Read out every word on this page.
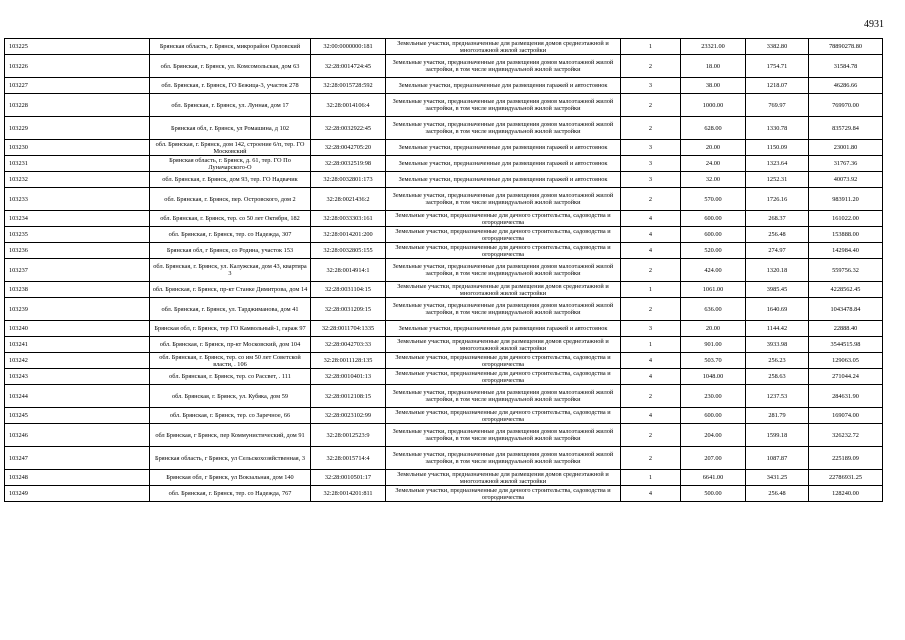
4931
103225	Брянская область, г. Брянск, микрорайон Орловский	32:00:0000000:181	Земельные участки, предназначенные для размещения домов среднеэтажной и многоэтажной жилой застройки	1	23321.00	3382.80	78890278.80
103226	обл. Брянская, г. Брянск, ул. Комсомольская, дом 63	32:28:0014724:45	Земельные участки, предназначенные для размещения домов малоэтажной жилой застройки, в том числе индивидуальной жилой застройки	2	18.00	1754.71	31584.78
103227	обл. Брянская, г. Брянск, ГО Бежица-3, участок 278	32:28:0015728:592	Земельные участки, предназначенные для размещения гаражей и автостоянок	3	38.00	1218.07	46286.66
103228	обл. Брянская, г. Брянск, ул. Лунная, дом 17	32:28:0014106:4	Земельные участки, предназначенные для размещения домов малоэтажной жилой застройки, в том числе индивидуальной жилой застройки	2	1000.00	769.97	769970.00
103229	Брянская обл, г. Брянск, ул Ромашина, д 102	32:28:0032922:45	Земельные участки, предназначенные для размещения домов малоэтажной жилой застройки, в том числе индивидуальной жилой застройки	2	628.00	1330.78	835729.84
103230	обл. Брянская, г. Брянск, дом 142, строение 6/п, тер. ГО Московский	32:28:0042705:20	Земельные участки, предназначенные для размещения гаражей и автостоянок	3	20.00	1150.09	23001.80
103231	Брянская область, г. Брянск, д. 61, тер. ГО По Луначарского-О	32:28:0032519:98	Земельные участки, предназначенные для размещения гаражей и автостоянок	3	24.00	1323.64	31767.36
103232	обл. Брянская, г. Брянск, дом 93, тер. ГО Надвачик	32:28:0032801:173	Земельные участки, предназначенные для размещения гаражей и автостоянок	3	32.00	1252.31	40073.92
103233	обл. Брянская, г. Брянск, пер. Островского, дом 2	32:28:0021436:2	Земельные участки, предназначенные для размещения домов малоэтажной жилой застройки, в том числе индивидуальной жилой застройки	2	570.00	1726.16	983911.20
103234	обл. Брянская, г. Брянск, тер. со 50 лет Октября, 182	32:28:0033303:161	Земельные участки, предназначенные для дачного строительства, садоводства и огородничества	4	600.00	268.37	161022.00
103235	обл. Брянская, г. Брянск, тер. со Надежда, 307	32:28:0014201:200	Земельные участки, предназначенные для дачного строительства, садоводства и огородничества	4	600.00	256.48	153888.00
103236	Брянская обл, г Брянск, со Родина, участок 153	32:28:0032805:155	Земельные участки, предназначенные для дачного строительства, садоводства и огородничества	4	520.00	274.97	142984.40
103237	обл. Брянская, г. Брянск, ул. Калужская, дом 43, квартира 3	32:28:0014914:1	Земельные участки, предназначенные для размещения домов малоэтажной жилой застройки, в том числе индивидуальной жилой застройки	2	424.00	1320.18	559756.32
103238	обл. Брянская, г. Брянск, пр-кт Станке Димитрова, дом 14	32:28:0031104:15	Земельные участки, предназначенные для размещения домов среднеэтажной и многоэтажной жилой застройки	1	1061.00	3985.45	4228562.45
103239	обл. Брянская, г. Брянск, ул. Тарджимановa, дом 41	32:28:0031209:15	Земельные участки, предназначенные для размещения домов малоэтажной жилой застройки, в том числе индивидуальной жилой застройки	2	636.00	1640.69	1043478.84
103240	Брянская обл, г. Брянск, тер ГО Камвольный-1, гараж 97	32:28:0011704:1335	Земельные участки, предназначенные для размещения гаражей и автостоянок	3	20.00	1144.42	22888.40
103241	обл. Брянская, г. Брянск, пр-кт Московский, дом 104	32:28:0042703:33	Земельные участки, предназначенные для размещения домов среднеэтажной и многоэтажной жилой застройки	1	901.00	3933.98	3544515.98
103242	обл. Брянская, г. Брянск, тер. со им 50 лет Советской власти, . 106	32:28:0011128:135	Земельные участки, предназначенные для дачного строительства, садоводства и огородничества	4	503.70	256.23	129063.05
103243	обл. Брянская, г. Брянск, тер. со Рассвет, . 111	32:28:0010401:13	Земельные участки, предназначенные для дачного строительства, садоводства и огородничества	4	1048.00	258.63	271044.24
103244	обл. Брянская, г. Брянск, ул. Кубяка, дом 59	32:28:0012108:15	Земельные участки, предназначенные для размещения домов малоэтажной жилой застройки, в том числе индивидуальной жилой застройки	2	230.00	1237.53	284631.90
103245	обл. Брянская, г. Брянск, тер. со Заречное, 66	32:28:0023102:99	Земельные участки, предназначенные для дачного строительства, садоводства и огородничества	4	600.00	281.79	169074.00
103246	обл Брянская, г Брянск, пер Коммунистический, дом 91	32:28:0012523:9	Земельные участки, предназначенные для размещения домов малоэтажной жилой застройки, в том числе индивидуальной жилой застройки	2	204.00	1599.18	326232.72
103247	Брянская область, г Брянск, ул Сельскохозяйственная, 3	32:28:0015714:4	Земельные участки, предназначенные для размещения домов малоэтажной жилой застройки, в том числе индивидуальной жилой застройки	2	207.00	1087.87	225189.09
103248	Брянская обл, г Брянск, ул Вокзальная, дом 140	32:28:0010501:17	Земельные участки, предназначенные для размещения домов среднеэтажной и многоэтажной жилой застройки	1	6641.00	3431.25	22786931.25
103249	обл. Брянская, г. Брянск, тер. со Надежда, 767	32:28:0014201:811	Земельные участки, предназначенные для дачного строительства, садоводства и огородничества	4	500.00	256.48	128240.00
